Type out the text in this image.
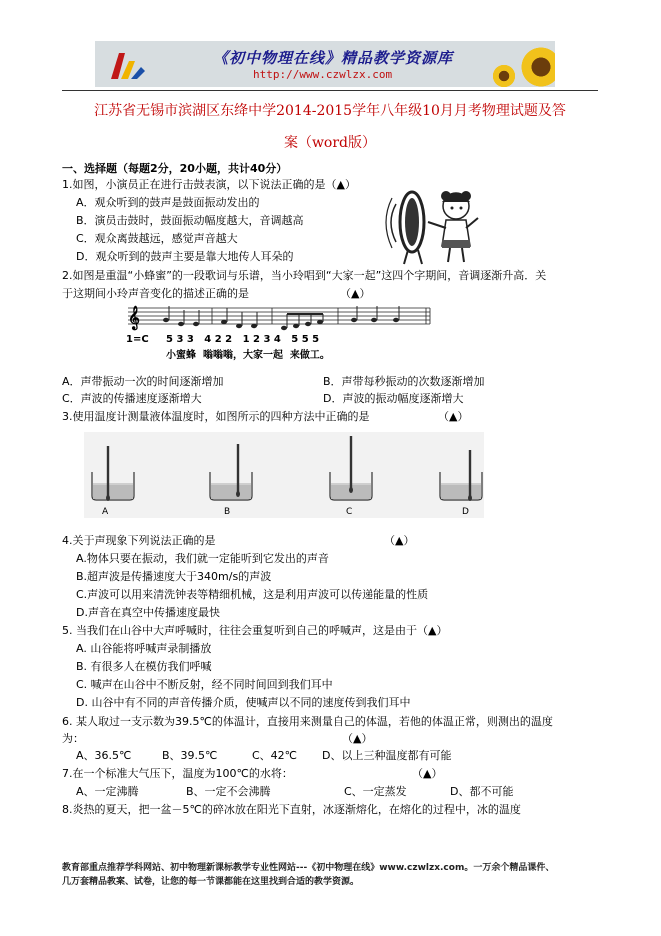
《初中物理在线》精品教学资源库
http://www.czwlzx.com
江苏省无锡市滨湖区东绛中学2014-2015学年八年级10月月考物理试题及答
案（word版）
一、选择题（每题2分，20小题，共计40分）
1.如图，小演员正在进行击鼓表演，以下说法正确的是（▲）
A．观众听到的鼓声是鼓面振动发出的
B．演员击鼓时，鼓面振动幅度越大，音调越高
C．观众离鼓越远，感觉声音越大
D．观众听到的鼓声主要是靠大地传人耳朵的
2.如图是重温“小蜂蜜”的一段歌词与乐谱，当小玲唱到“大家一起”这四个字期间，音调逐渐升高．关
于这期间小玲声音变化的描述正确的是	（▲）
𝄞
1=C 5 3 3   4 2 2   1 2 3 4   5 5 5
小蜜蜂  嗡嗡嗡，大家一起  来做工。
A．声带振动一次的时间逐渐增加	B．声带每秒振动的次数逐渐增加
C．声波的传播速度逐渐增大	D．声波的振动幅度逐渐增大
3.使用温度计测量液体温度时，如图所示的四种方法中正确的是	（▲）
A	B	C	D
4.关于声现象下列说法正确的是	（▲）
A.物体只要在振动，我们就一定能听到它发出的声音
B.超声波是传播速度大于340m/s的声波
C.声波可以用来清洗钟表等精细机械，这是利用声波可以传递能量的性质
D.声音在真空中传播速度最快
5. 当我们在山谷中大声呼喊时，往往会重复听到自己的呼喊声，这是由于（▲）
A. 山谷能将呼喊声录制播放
B. 有很多人在模仿我们呼喊
C. 喊声在山谷中不断反射，经不同时间回到我们耳中
D. 山谷中有不同的声音传播介质，使喊声以不同的速度传到我们耳中
6. 某人取过一支示数为39.5℃的体温计，直接用来测量自己的体温，若他的体温正常，则测出的温度
为：	（▲）
A、36.5℃	B、39.5℃	C、42℃ D、以上三种温度都有可能
7.在一个标准大气压下，温度为100℃的水将：	（▲）
A、一定沸腾	B、一定不会沸腾	C、一定蒸发	D、都不可能
8.炎热的夏天，把一盆－5℃的碎冰放在阳光下直射，冰逐渐熔化，在熔化的过程中，冰的温度
教育部重点推荐学科网站、初中物理新课标教学专业性网站---《初中物理在线》www.czwlzx.com。一万余个精品课件、
几万套精品教案、试卷，让您的每一节课都能在这里找到合适的教学资源。
